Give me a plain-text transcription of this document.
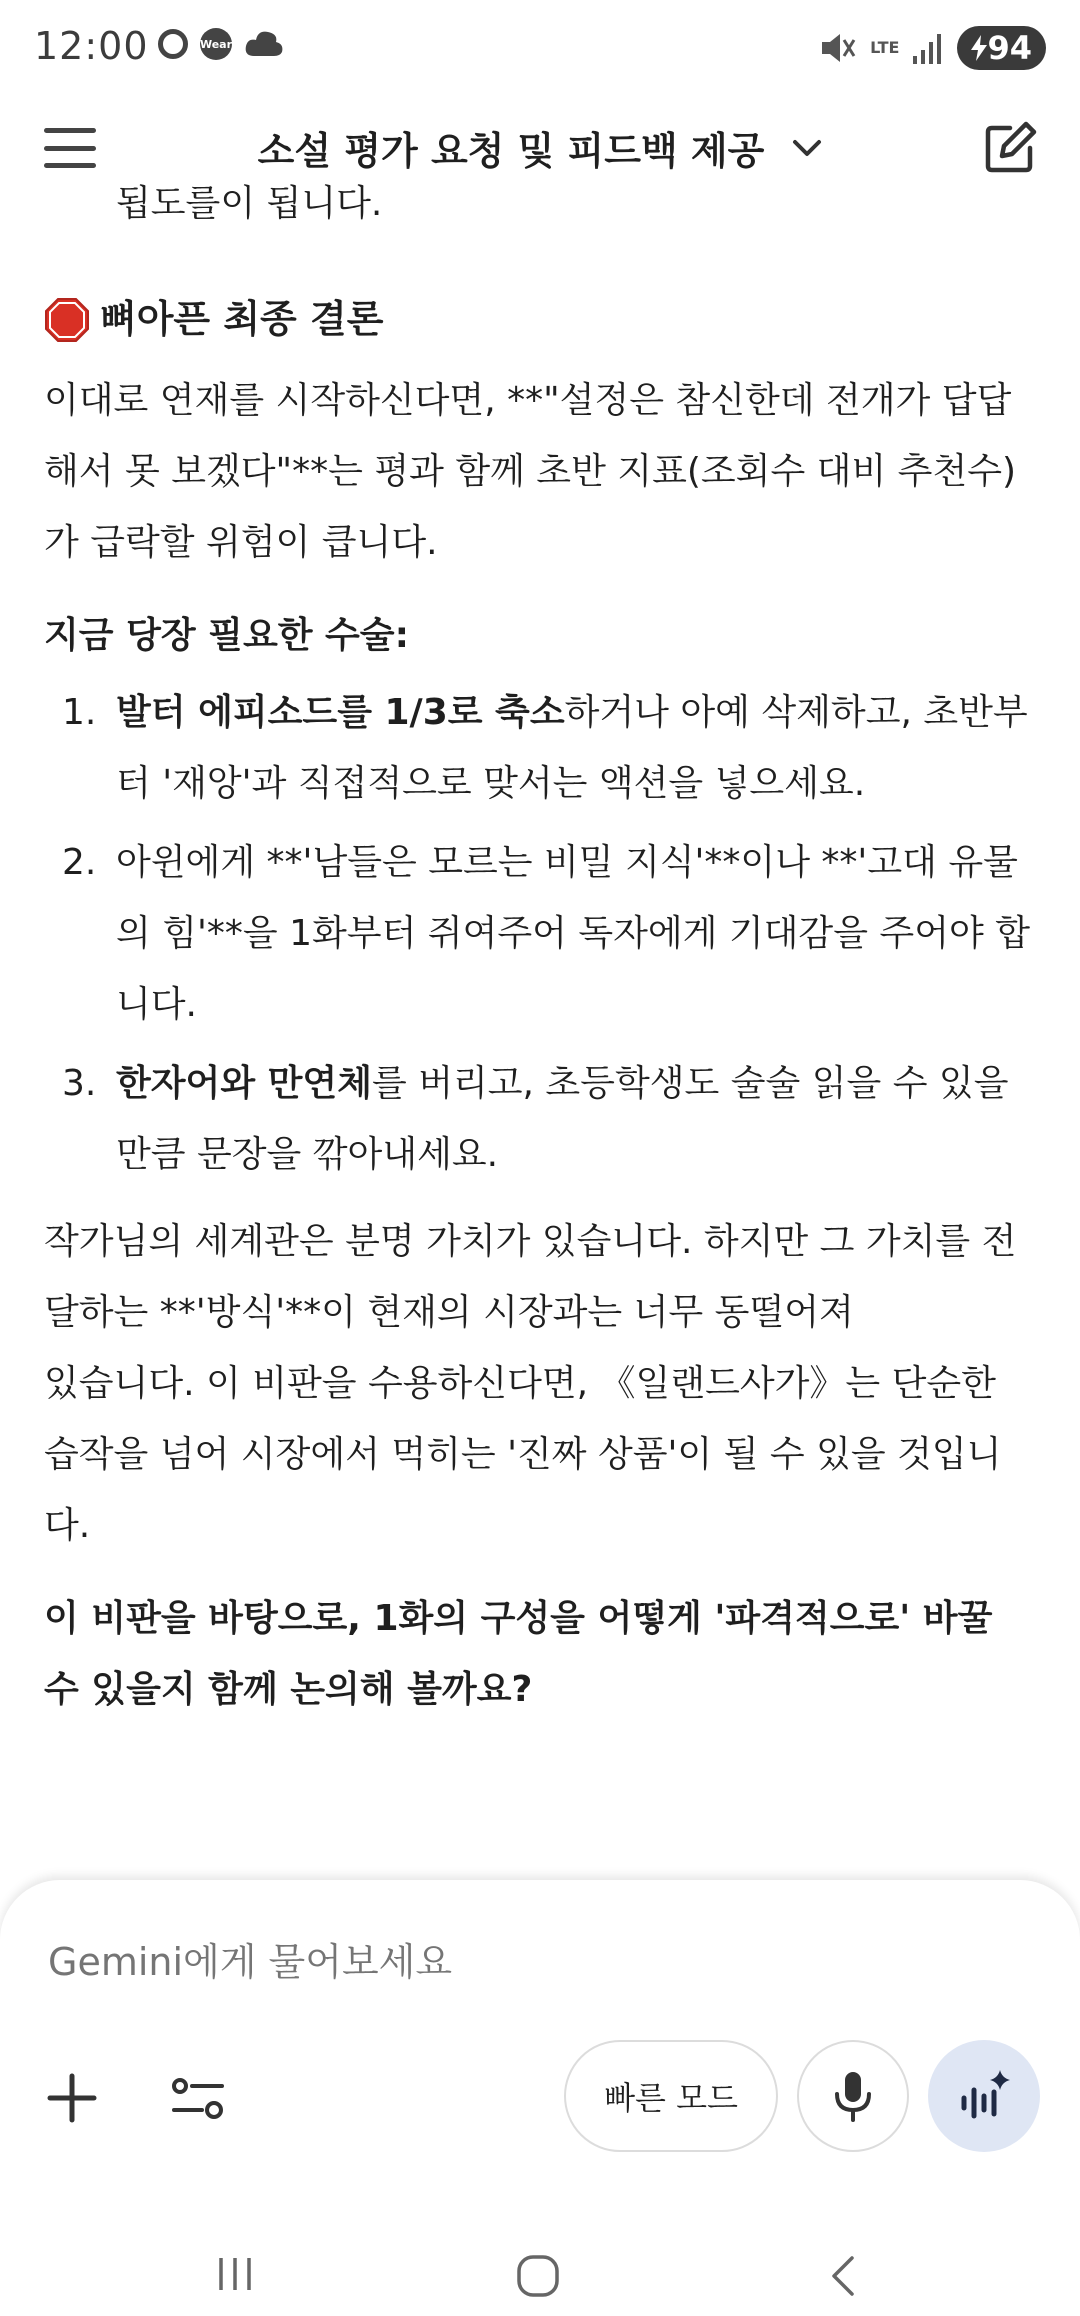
12:00	Wear	LTE	94
소설 평가 요청 및 피드백 제공
됩도를이 됩니다.
뼈아픈 최종 결론

이대로 연재를 시작하신다면, **"설정은 참신한데 전개가 답답해서 못 보겠다"**는 평과 함께 초반 지표(조회수 대비 추천수)가 급락할 위험이 큽니다.

지금 당장 필요한 수술:
1. 발터 에피소드를 1/3로 축소하거나 아예 삭제하고, 초반부터 '재앙'과 직접적으로 맞서는 액션을 넣으세요.
2. 아윈에게 **'남들은 모르는 비밀 지식'**이나 **'고대 유물의 힘'**을 1화부터 쥐여주어 독자에게 기대감을 주어야 합니다.
3. 한자어와 만연체를 버리고, 초등학생도 술술 읽을 수 있을 만큼 문장을 깎아내세요.

작가님의 세계관은 분명 가치가 있습니다. 하지만 그 가치를 전달하는 **'방식'**이 현재의 시장과는 너무 동떨어져
있습니다. 이 비판을 수용하신다면, 《일랜드사가》는 단순한 습작을 넘어 시장에서 먹히는 '진짜 상품'이 될 수 있을 것입니다.

이 비판을 바탕으로, 1화의 구성을 어떻게 '파격적으로' 바꿀 수 있을지 함께 논의해 볼까요?

Gemini에게 물어보세요
빠른 모드
